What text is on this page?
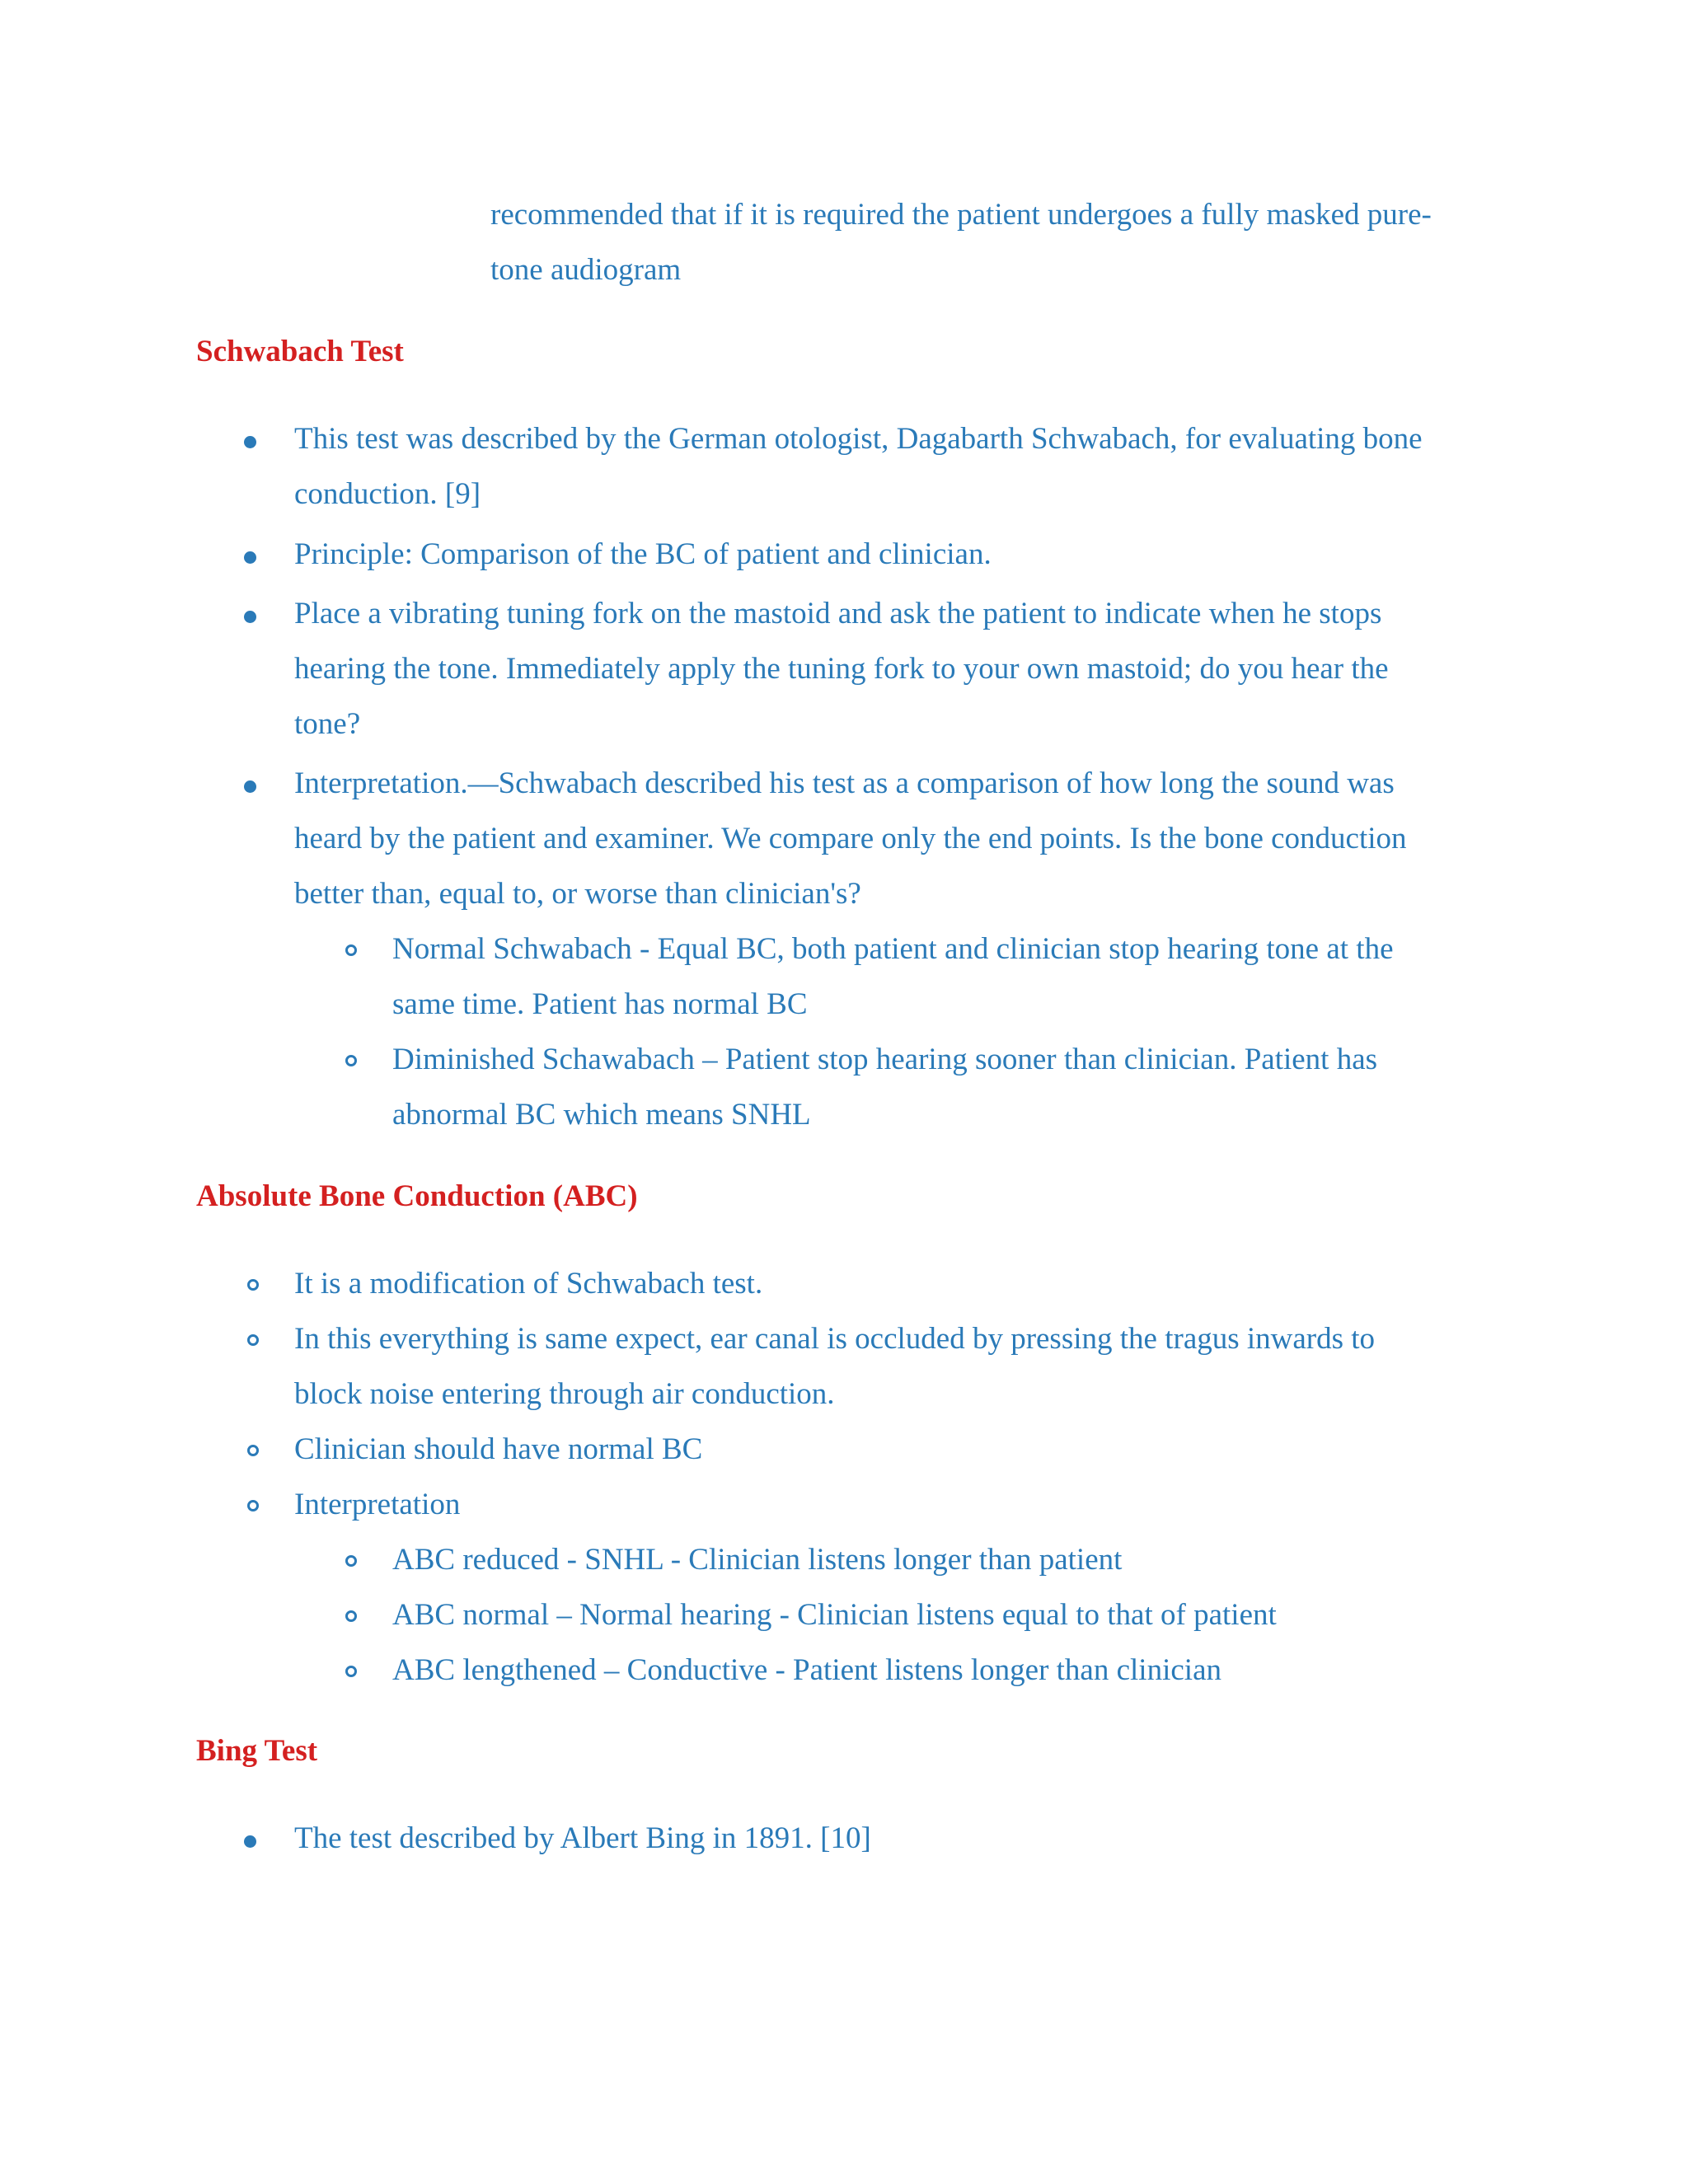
recommended that if it is required the patient undergoes a fully masked pure-
tone audiogram
Schwabach Test
This test was described by the German otologist, Dagabarth Schwabach, for evaluating bone
conduction. [9]
Principle: Comparison of the BC of patient and clinician.
Place a vibrating tuning fork on the mastoid and ask the patient to indicate when he stops
hearing the tone. Immediately apply the tuning fork to your own mastoid; do you hear the
tone?
Interpretation.—Schwabach described his test as a comparison of how long the sound was
heard by the patient and examiner. We compare only the end points. Is the bone conduction
better than, equal to, or worse than clinician's?
Normal Schwabach - Equal BC, both patient and clinician stop hearing tone at the
same time. Patient has normal BC
Diminished Schawabach – Patient stop hearing sooner than clinician. Patient has
abnormal BC which means SNHL
Absolute Bone Conduction (ABC)
It is a modification of Schwabach test.
In this everything is same expect, ear canal is occluded by pressing the tragus inwards to
block noise entering through air conduction.
Clinician should have normal BC
Interpretation
ABC reduced - SNHL - Clinician listens longer than patient
ABC normal – Normal hearing - Clinician listens equal to that of patient
ABC lengthened – Conductive - Patient listens longer than clinician
Bing Test
The test described by Albert Bing in 1891. [10]
